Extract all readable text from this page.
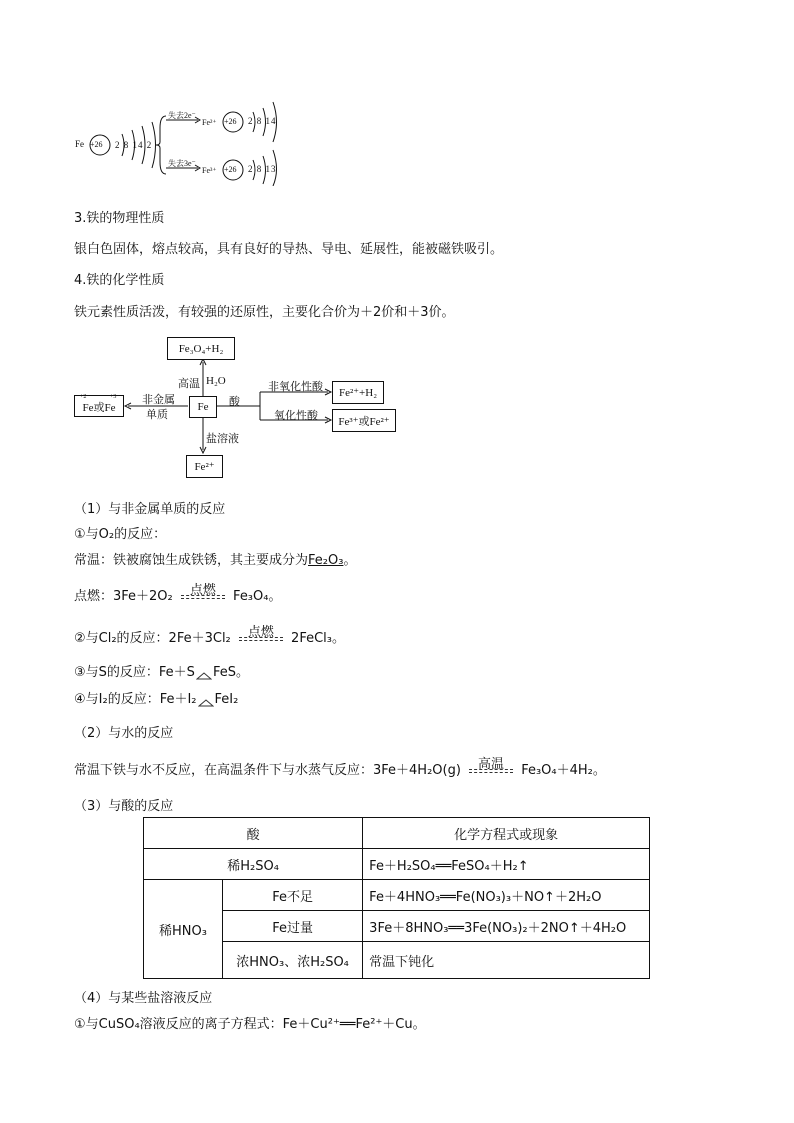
Fe +26 2 8 14 2
失去2e⁻
失去3e⁻
Fe²⁺ +26 2 8 14
Fe³⁺ +26 2 8 13
3.铁的物理性质
银白色固体，熔点较高，具有良好的导热、导电、延展性，能被磁铁吸引。
4.铁的化学性质
铁元素性质活泼，有较强的还原性，主要化合价为＋2价和＋3价。
Fe
Fe₃O₄+H₂
高温 H₂O
Fe或Fe
+2	+3 非金属
单质
酸
非氧化性酸
氧化性酸
Fe²⁺+H₂
Fe³⁺或Fe²⁺
盐溶液
Fe²⁺
（1）与非金属单质的反应
①与O₂的反应：
常温：铁被腐蚀生成铁锈，其主要成分为Fe₂O₃。
点燃：3Fe＋2O₂	点燃	Fe₃O₄。
②与Cl₂的反应：2Fe＋3Cl₂	点燃	2FeCl₃。
③与S的反应：Fe＋S FeS。
④与I₂的反应：Fe＋I₂ FeI₂
（2）与水的反应
常温下铁与水不反应，在高温条件下与水蒸气反应：3Fe＋4H₂O(g)	高温	Fe₃O₄＋4H₂。
（3）与酸的反应
酸		化学方程式或现象
稀H₂SO₄		Fe＋H₂SO₄══FeSO₄＋H₂↑
稀HNO₃	Fe不足	Fe＋4HNO₃══Fe(NO₃)₃＋NO↑＋2H₂O
	Fe过量	3Fe＋8HNO₃══3Fe(NO₃)₂＋2NO↑＋4H₂O
	浓HNO₃、浓H₂SO₄	常温下钝化
（4）与某些盐溶液反应
①与CuSO₄溶液反应的离子方程式：Fe＋Cu²⁺══Fe²⁺＋Cu。
